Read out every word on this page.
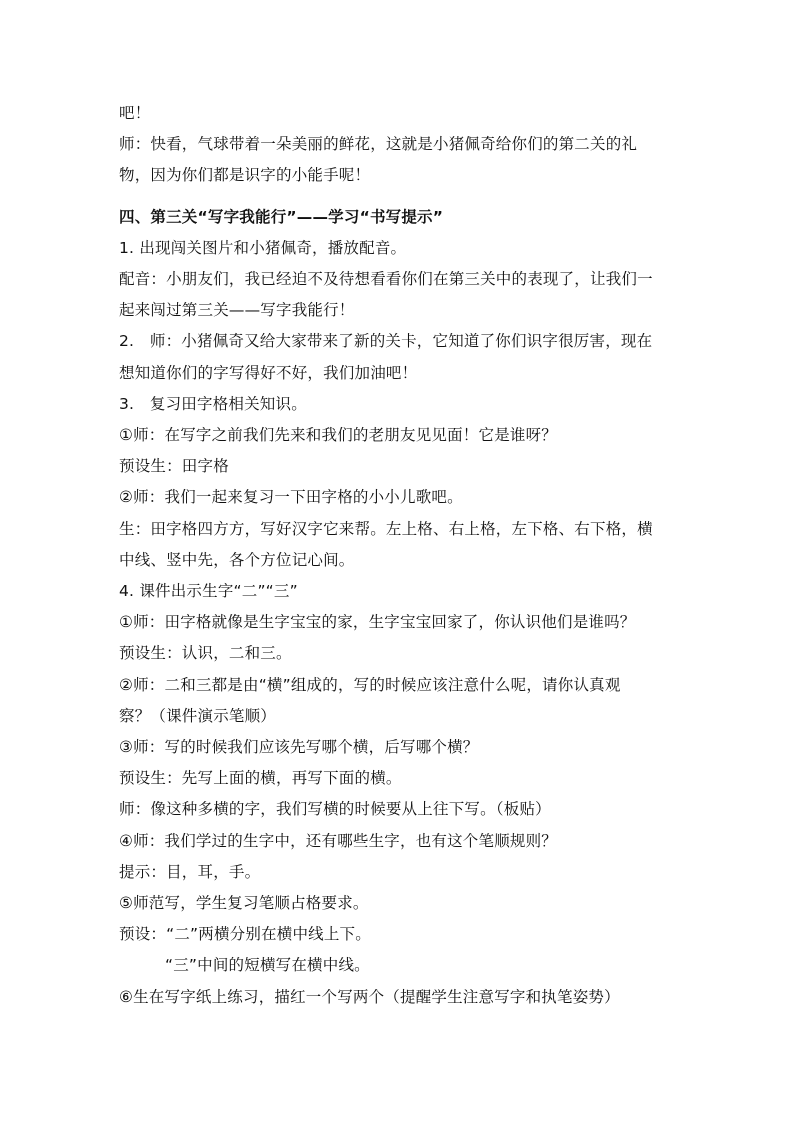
吧！
师：快看，气球带着一朵美丽的鲜花，这就是小猪佩奇给你们的第二关的礼
物，因为你们都是识字的小能手呢！
四、第三关“写字我能行”——学习“书写提示”
1. 出现闯关图片和小猪佩奇，播放配音。
配音：小朋友们，我已经迫不及待想看看你们在第三关中的表现了，让我们一
起来闯过第三关——写字我能行！
2.　师：小猪佩奇又给大家带来了新的关卡，它知道了你们识字很厉害，现在
想知道你们的字写得好不好，我们加油吧！
3.　复习田字格相关知识。
①师：在写字之前我们先来和我们的老朋友见见面！它是谁呀？
预设生：田字格
②师：我们一起来复习一下田字格的小小儿歌吧。
生：田字格四方方，写好汉字它来帮。左上格、右上格，左下格、右下格，横
中线、竖中先，各个方位记心间。
4. 课件出示生字“二”“三”
①师：田字格就像是生字宝宝的家，生字宝宝回家了，你认识他们是谁吗？
预设生：认识，二和三。
②师：二和三都是由“横”组成的，写的时候应该注意什么呢，请你认真观
察？（课件演示笔顺）
③师：写的时候我们应该先写哪个横，后写哪个横？
预设生：先写上面的横，再写下面的横。
师：像这种多横的字，我们写横的时候要从上往下写。（板贴）
④师：我们学过的生字中，还有哪些生字，也有这个笔顺规则？
提示：目，耳，手。
⑤师范写，学生复习笔顺占格要求。
预设：“二”两横分别在横中线上下。
“三”中间的短横写在横中线。
⑥生在写字纸上练习，描红一个写两个（提醒学生注意写字和执笔姿势）
